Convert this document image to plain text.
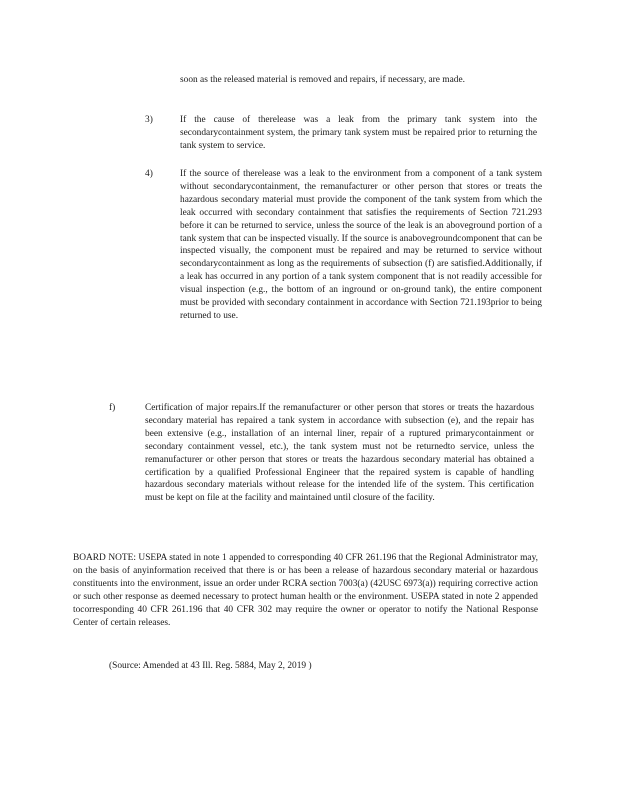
soon as the released material is removed and repairs, if necessary, are made.

3)	If the cause of therelease was a leak from the primary tank system into the secondarycontainment system, the primary tank system must be repaired prior to returning the tank system to service.

4)	If the source of therelease was a leak to the environment from a component of a tank system without secondarycontainment, the remanufacturer or other person that stores or treats the hazardous secondary material must provide the component of the tank system from which the leak occurred with secondary containment that satisfies the requirements of Section 721.293 before it can be returned to service, unless the source of the leak is an aboveground portion of a tank system that can be inspected visually. If the source is anabovegroundcomponent that can be inspected visually, the component must be repaired and may be returned to service without secondarycontainment as long as the requirements of subsection (f) are satisfied.Additionally, if a leak has occurred in any portion of a tank system component that is not readily accessible for visual inspection (e.g., the bottom of an inground or on-ground tank), the entire component must be provided with secondary containment in accordance with Section 721.193prior to being returned to use.

f)	Certification of major repairs.If the remanufacturer or other person that stores or treats the hazardous secondary material has repaired a tank system in accordance with subsection (e), and the repair has been extensive (e.g., installation of an internal liner, repair of a ruptured primarycontainment or secondary containment vessel, etc.), the tank system must not be returnedto service, unless the remanufacturer or other person that stores or treats the hazardous secondary material has obtained a certification by a qualified Professional Engineer that the repaired system is capable of handling hazardous secondary materials without release for the intended life of the system. This certification must be kept on file at the facility and maintained until closure of the facility.

BOARD NOTE: USEPA stated in note 1 appended to corresponding 40 CFR 261.196 that the Regional Administrator may, on the basis of anyinformation received that there is or has been a release of hazardous secondary material or hazardous constituents into the environment, issue an order under RCRA section 7003(a) (42USC 6973(a)) requiring corrective action or such other response as deemed necessary to protect human health or the environment. USEPA stated in note 2 appended tocorresponding 40 CFR 261.196 that 40 CFR 302 may require the owner or operator to notify the National Response Center of certain releases.

(Source: Amended at 43 Ill. Reg. 5884, May 2, 2019 )
